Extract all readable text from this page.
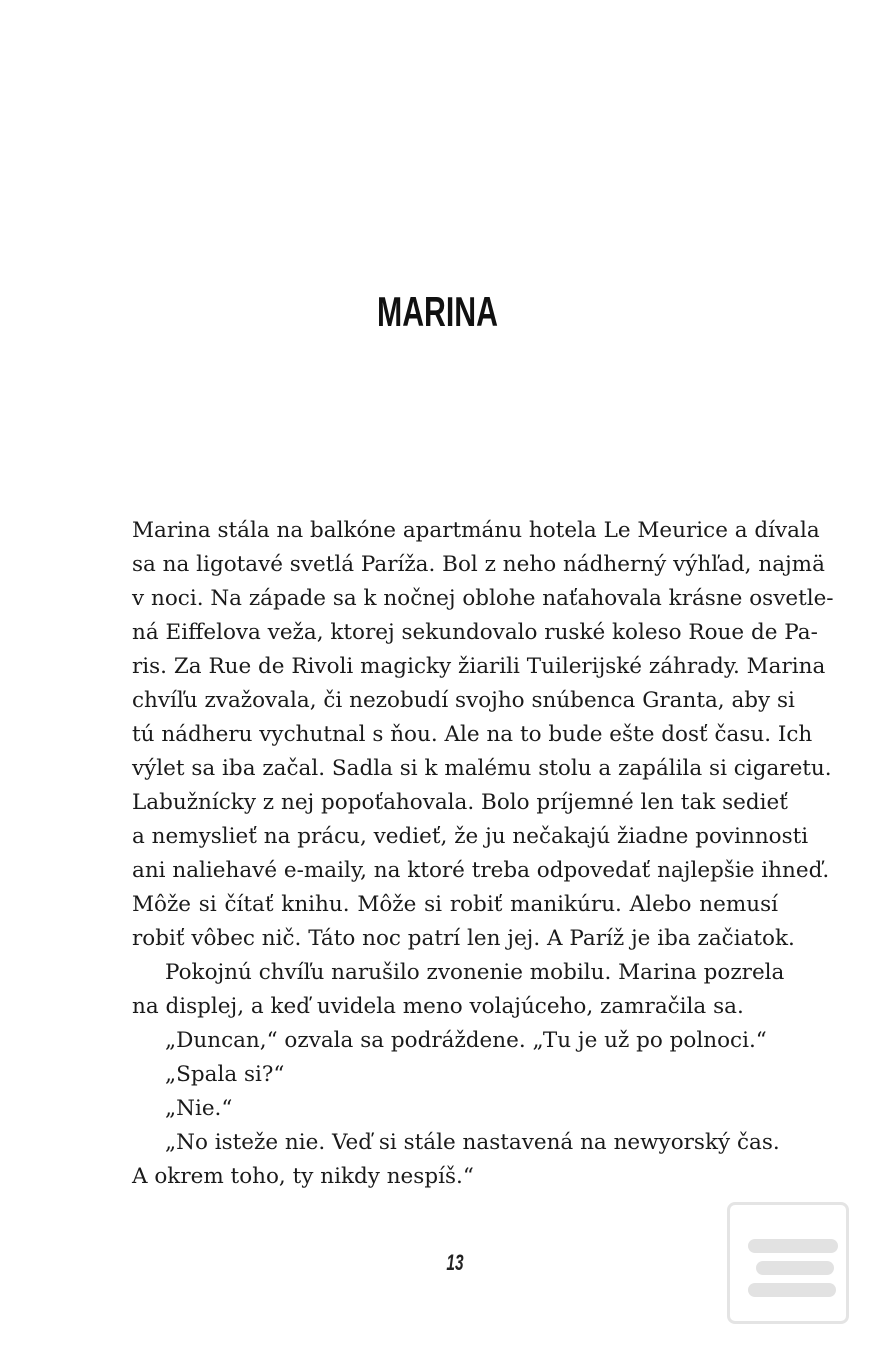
MARINA
Marina stála na balkóne apartmánu hotela Le Meurice a dívala
sa na ligotavé svetlá Paríža. Bol z neho nádherný výhľad, najmä
v noci. Na západe sa k nočnej oblohe naťahovala krásne osvetle-
ná Eiffelova veža, ktorej sekundovalo ruské koleso Roue de Pa-
ris. Za Rue de Rivoli magicky žiarili Tuilerijské záhrady. Marina
chvíľu zvažovala, či nezobudí svojho snúbenca Granta, aby si
tú nádheru vychutnal s ňou. Ale na to bude ešte dosť času. Ich
výlet sa iba začal. Sadla si k malému stolu a zapálila si cigaretu.
Labužnícky z nej popoťahovala. Bolo príjemné len tak sedieť
a nemyslieť na prácu, vedieť, že ju nečakajú žiadne povinnosti
ani naliehavé e-maily, na ktoré treba odpovedať najlepšie ihneď.
Môže si čítať knihu. Môže si robiť manikúru. Alebo nemusí
robiť vôbec nič. Táto noc patrí len jej. A Paríž je iba začiatok.
Pokojnú chvíľu narušilo zvonenie mobilu. Marina pozrela
na displej, a keď uvidela meno volajúceho, zamračila sa.
„Duncan,“ ozvala sa podráždene. „Tu je už po polnoci.“
„Spala si?“
„Nie.“
„No isteže nie. Veď si stále nastavená na newyorský čas.
A okrem toho, ty nikdy nespíš.“
13
